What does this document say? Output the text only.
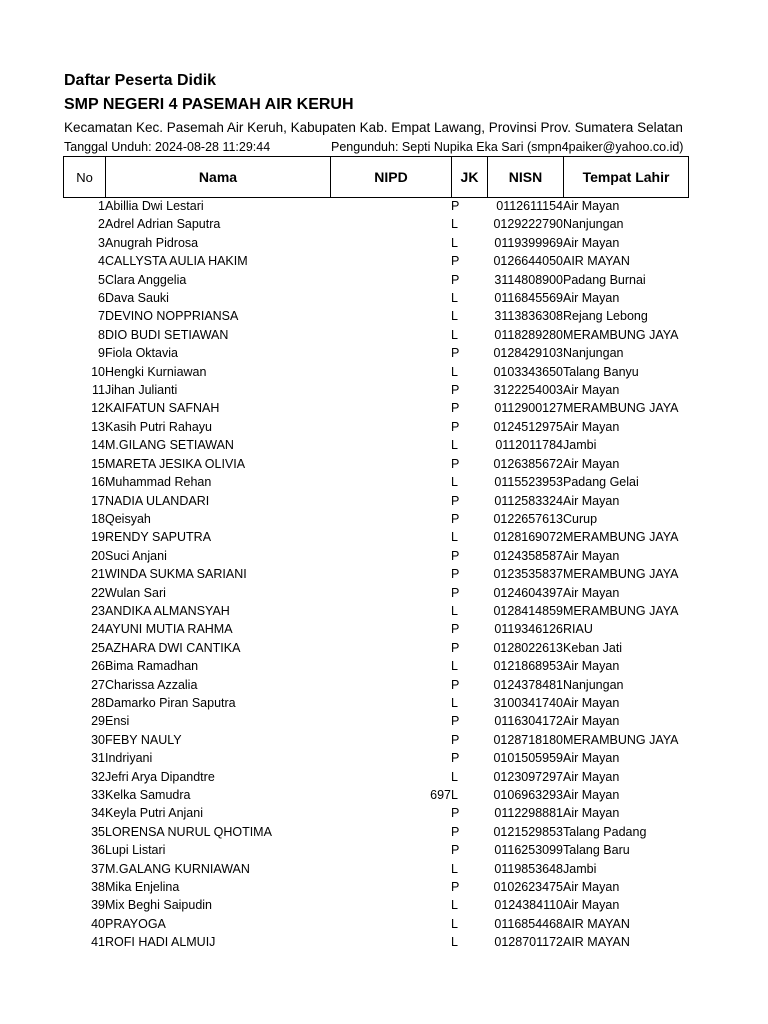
Daftar Peserta Didik
SMP NEGERI 4 PASEMAH AIR KERUH
Kecamatan Kec. Pasemah Air Keruh, Kabupaten Kab. Empat Lawang, Provinsi Prov. Sumatera Selatan
Tanggal Unduh: 2024-08-28 11:29:44	Pengunduh: Septi Nupika Eka Sari (smpn4paiker@yahoo.co.id)
No	Nama	NIPD	JK	NISN	Tempat Lahir
1	Abillia Dwi Lestari		P	0112611154	Air Mayan
2	Adrel Adrian Saputra		L	0129222790	Nanjungan
3	Anugrah Pidrosa		L	0119399969	Air Mayan
4	CALLYSTA AULIA HAKIM		P	0126644050	AIR MAYAN
5	Clara Anggelia		P	3114808900	Padang Burnai
6	Dava Sauki		L	0116845569	Air Mayan
7	DEVINO NOPPRIANSA		L	3113836308	Rejang Lebong
8	DIO BUDI SETIAWAN		L	0118289280	MERAMBUNG JAYA
9	Fiola Oktavia		P	0128429103	Nanjungan
10	Hengki Kurniawan		L	0103343650	Talang Banyu
11	Jihan Julianti		P	3122254003	Air Mayan
12	KAIFATUN SAFNAH		P	0112900127	MERAMBUNG JAYA
13	Kasih Putri Rahayu		P	0124512975	Air Mayan
14	M.GILANG SETIAWAN		L	0112011784	Jambi
15	MARETA JESIKA OLIVIA		P	0126385672	Air Mayan
16	Muhammad Rehan		L	0115523953	Padang Gelai
17	NADIA ULANDARI		P	0112583324	Air Mayan
18	Qeisyah		P	0122657613	Curup
19	RENDY SAPUTRA		L	0128169072	MERAMBUNG JAYA
20	Suci Anjani		P	0124358587	Air Mayan
21	WINDA SUKMA SARIANI		P	0123535837	MERAMBUNG JAYA
22	Wulan Sari		P	0124604397	Air Mayan
23	ANDIKA ALMANSYAH		L	0128414859	MERAMBUNG JAYA
24	AYUNI MUTIA RAHMA		P	0119346126	RIAU
25	AZHARA DWI CANTIKA		P	0128022613	Keban Jati
26	Bima Ramadhan		L	0121868953	Air Mayan
27	Charissa Azzalia		P	0124378481	Nanjungan
28	Damarko Piran Saputra		L	3100341740	Air Mayan
29	Ensi		P	0116304172	Air Mayan
30	FEBY NAULY		P	0128718180	MERAMBUNG JAYA
31	Indriyani		P	0101505959	Air Mayan
32	Jefri Arya Dipandtre		L	0123097297	Air Mayan
33	Kelka Samudra	697	L	0106963293	Air Mayan
34	Keyla Putri Anjani		P	0112298881	Air Mayan
35	LORENSA NURUL QHOTIMA		P	0121529853	Talang Padang
36	Lupi Listari		P	0116253099	Talang Baru
37	M.GALANG KURNIAWAN		L	0119853648	Jambi
38	Mika Enjelina		P	0102623475	Air Mayan
39	Mix Beghi Saipudin		L	0124384110	Air Mayan
40	PRAYOGA		L	0116854468	AIR MAYAN
41	ROFI HADI ALMUIJ		L	0128701172	AIR MAYAN
